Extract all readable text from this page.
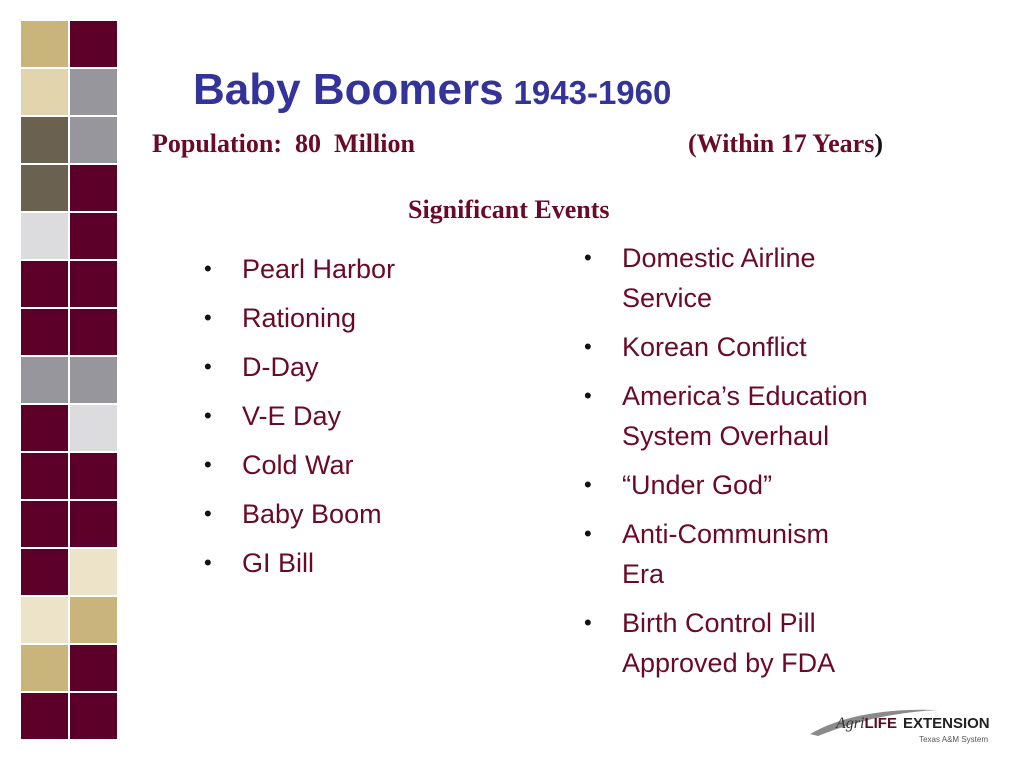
Baby Boomers 1943-1960
Population:  80  Million	(Within 17 Years)
Significant Events
• Pearl Harbor
• Rationing
• D-Day
• V-E Day
• Cold War
• Baby Boom
• GI Bill
• Domestic Airline
Service
• Korean Conflict
• America’s Education
System Overhaul
• “Under God”
• Anti-Communism
Era
• Birth Control Pill
Approved by FDA
AgriLIFE EXTENSION
Texas A&M System
